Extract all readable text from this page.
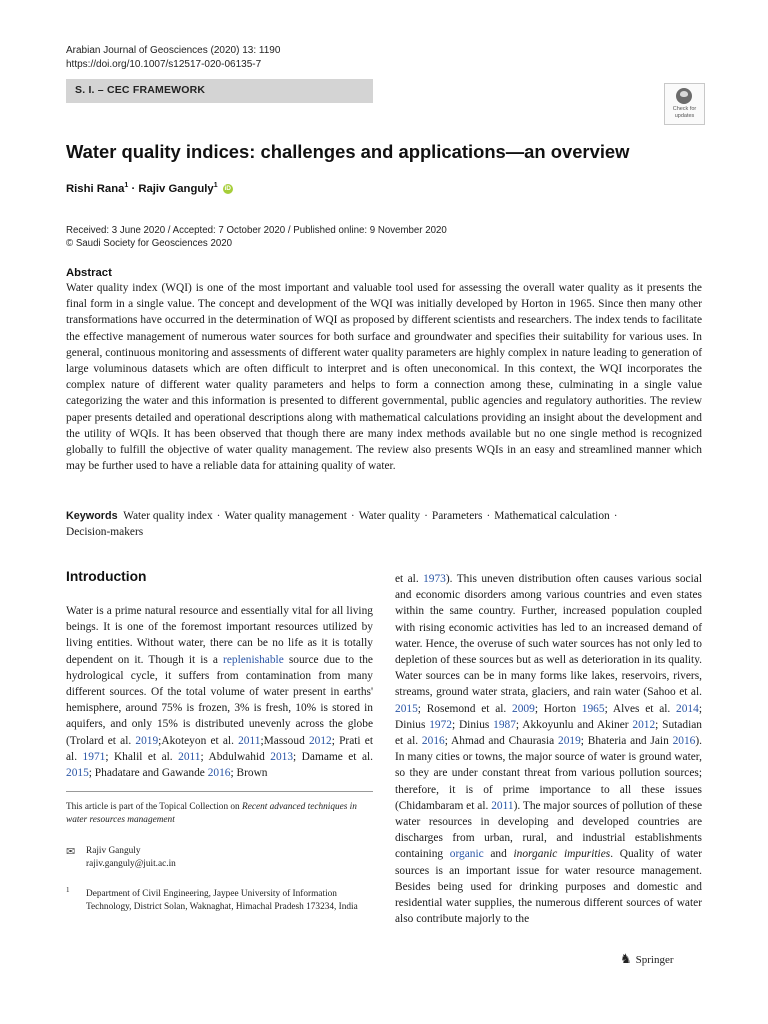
Arabian Journal of Geosciences (2020) 13: 1190
https://doi.org/10.1007/s12517-020-06135-7
S. I. – CEC FRAMEWORK
Check for
updates
Water quality indices: challenges and applications—an overview
Rishi Rana$^1$ · Rajiv Ganguly$^1$ iD
Received: 3 June 2020 / Accepted: 7 October 2020 / Published online: 9 November 2020
© Saudi Society for Geosciences 2020
Abstract
Water quality index (WQI) is one of the most important and valuable tool used for assessing the overall water quality as it presents the final form in a single value. The concept and development of the WQI was initially developed by Horton in 1965. Since then many other transformations have occurred in the determination of WQI as proposed by different scientists and researchers. The index tends to facilitate the effective management of numerous water sources for both surface and groundwater and specifies their suitability for various uses. In general, continuous monitoring and assessments of different water quality parameters are highly complex in nature leading to generation of large voluminous datasets which are often difficult to interpret and is often uneconomical. In this context, the WQI incorporates the complex nature of different water quality parameters and helps to form a connection among these, culminating in a single value categorizing the water and this information is presented to different governmental, public agencies and regulatory authorities. The review paper presents detailed and operational descriptions along with mathematical calculations providing an insight about the development and the utility of WQIs. It has been observed that though there are many index methods available but no one single method is recognized globally to fulfill the objective of water quality management. The review also presents WQIs in an easy and streamlined manner which may be further used to have a reliable data for attaining quality of water.
Keywords Water quality index · Water quality management · Water quality · Parameters · Mathematical calculation ·
Decision-makers
Introduction
Water is a prime natural resource and essentially vital for all living beings. It is one of the foremost important resources utilized by living entities. Without water, there can be no life as it is totally dependent on it. Though it is a replenishable source due to the hydrological cycle, it suffers from contamination from many different sources. Of the total volume of water present in earths' hemisphere, around 75% is frozen, 3% is fresh, 10% is stored in aquifers, and only 15% is distributed unevenly across the globe (Trolard et al. 2019;Akoteyon et al. 2011;Massoud 2012; Prati et al. 1971; Khalil et al. 2011; Abdulwahid 2013; Damame et al. 2015; Phadatare and Gawande 2016; Brown
et al. 1973). This uneven distribution often causes various social and economic disorders among various countries and even states within the same country. Further, increased population coupled with rising economic activities has led to an increased demand of water. Hence, the overuse of such water sources has not only led to depletion of these sources but as well as deterioration in its quality. Water sources can be in many forms like lakes, reservoirs, rivers, streams, ground water strata, glaciers, and rain water (Sahoo et al. 2015; Rosemond et al. 2009; Horton 1965; Alves et al. 2014; Dinius 1972; Dinius 1987; Akkoyunlu and Akiner 2012; Sutadian et al. 2016; Ahmad and Chaurasia 2019; Bhateria and Jain 2016). In many cities or towns, the major source of water is ground water, so they are under constant threat from various pollution sources; therefore, it is of prime importance to all these issues (Chidambaram et al. 2011). The major sources of pollution of these water resources in developing and developed countries are discharges from urban, rural, and industrial establishments containing organic and inorganic impurities. Quality of water sources is an important issue for water resource management. Besides being used for drinking purposes and domestic and residential water supplies, the numerous different sources of water also contribute majorly to the
This article is part of the Topical Collection on Recent advanced techniques in water resources management
✉ Rajiv Ganguly
rajiv.ganguly@juit.ac.in
1 Department of Civil Engineering, Jaypee University of Information Technology, District Solan, Waknaghat, Himachal Pradesh 173234, India
♞ Springer
